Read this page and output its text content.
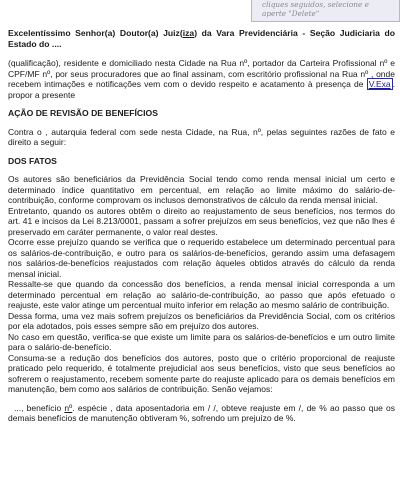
cliques seguidos, selecione e
aperte "Delete"

Excelentíssimo Senhor(a) Doutor(a) Juiz(iza) da Vara Previdenciária - Seção Judiciaria do Estado do ....

(qualificação), residente e domiciliado nesta Cidade na Rua nº, portador da Carteira Profissional nº e CPF/MF nº, por seus procuradores que ao final assinam, com escritório profissional na Rua nº , onde recebem intimações e notificações vem com o devido respeito e acatamento à presença de V.Exa . propor a presente

AÇÃO DE REVISÃO DE BENEFÍCIOS

Contra o , autarquia federal com sede nesta Cidade, na Rua, nº, pelas seguintes razões de fato e direito a seguir:

DOS FATOS

Os autores são beneficiários da Previdência Social tendo como renda mensal inicial um certo e determinado índice quantitativo em percentual, em relação ao limite máximo do salário-de-contribuição, conforme comprovam os inclusos demonstrativos de cálculo da renda mensal inicial.

Entretanto, quando os autores obtêm o direito ao reajustamento de seus benefícios, nos termos do art. 41 e incisos da Lei 8.213/0001, passam a sofrer prejuízos em seus benefícios, vez que não lhes é preservado em caráter permanente, o valor real destes.

Ocorre esse prejuízo quando se verifica que o requerido estabelece um determinado percentual para os salários-de-contribuição, e outro para os salários-de-benefícios, gerando assim uma defasagem nos salários-de-benefícios reajustados com relação àqueles obtidos através do cálculo da renda mensal inicial.

Ressalte-se que quando da concessão dos benefícios, a renda mensal inicial corresponda a um determinado percentual em relação ao salário-de-contribuição, ao passo que após efetuado o reajuste, este valor atinge um percentual muito inferior em relação ao mesmo salário de contribuição.

Dessa forma, uma vez mais sofrem prejuízos os beneficiários da Previdência Social, com os critérios por ela adotados, pois esses sempre são em prejuízo dos autores.

No caso em questão, verifica-se que existe um limite para os salários-de-benefícios e um outro limite para o salário-de-benefício.

Consuma-se a redução dos benefícios dos autores, posto que o critério proporcional de reajuste praticado pelo requerido, é totalmente prejudicial aos seus benefícios, visto que seus benefícios ao sofrerem o reajustamento, recebem somente parte do reajuste aplicado para os demais benefícios em manutenção, bem como aos salários de contribuição. Senão vejamos:

..., benefício nº. espécie , data aposentadoria em / /, obteve reajuste em /, de % ao passo que os demais benefícios de manutenção obtiveram %, sofrendo um prejuízo de %.
